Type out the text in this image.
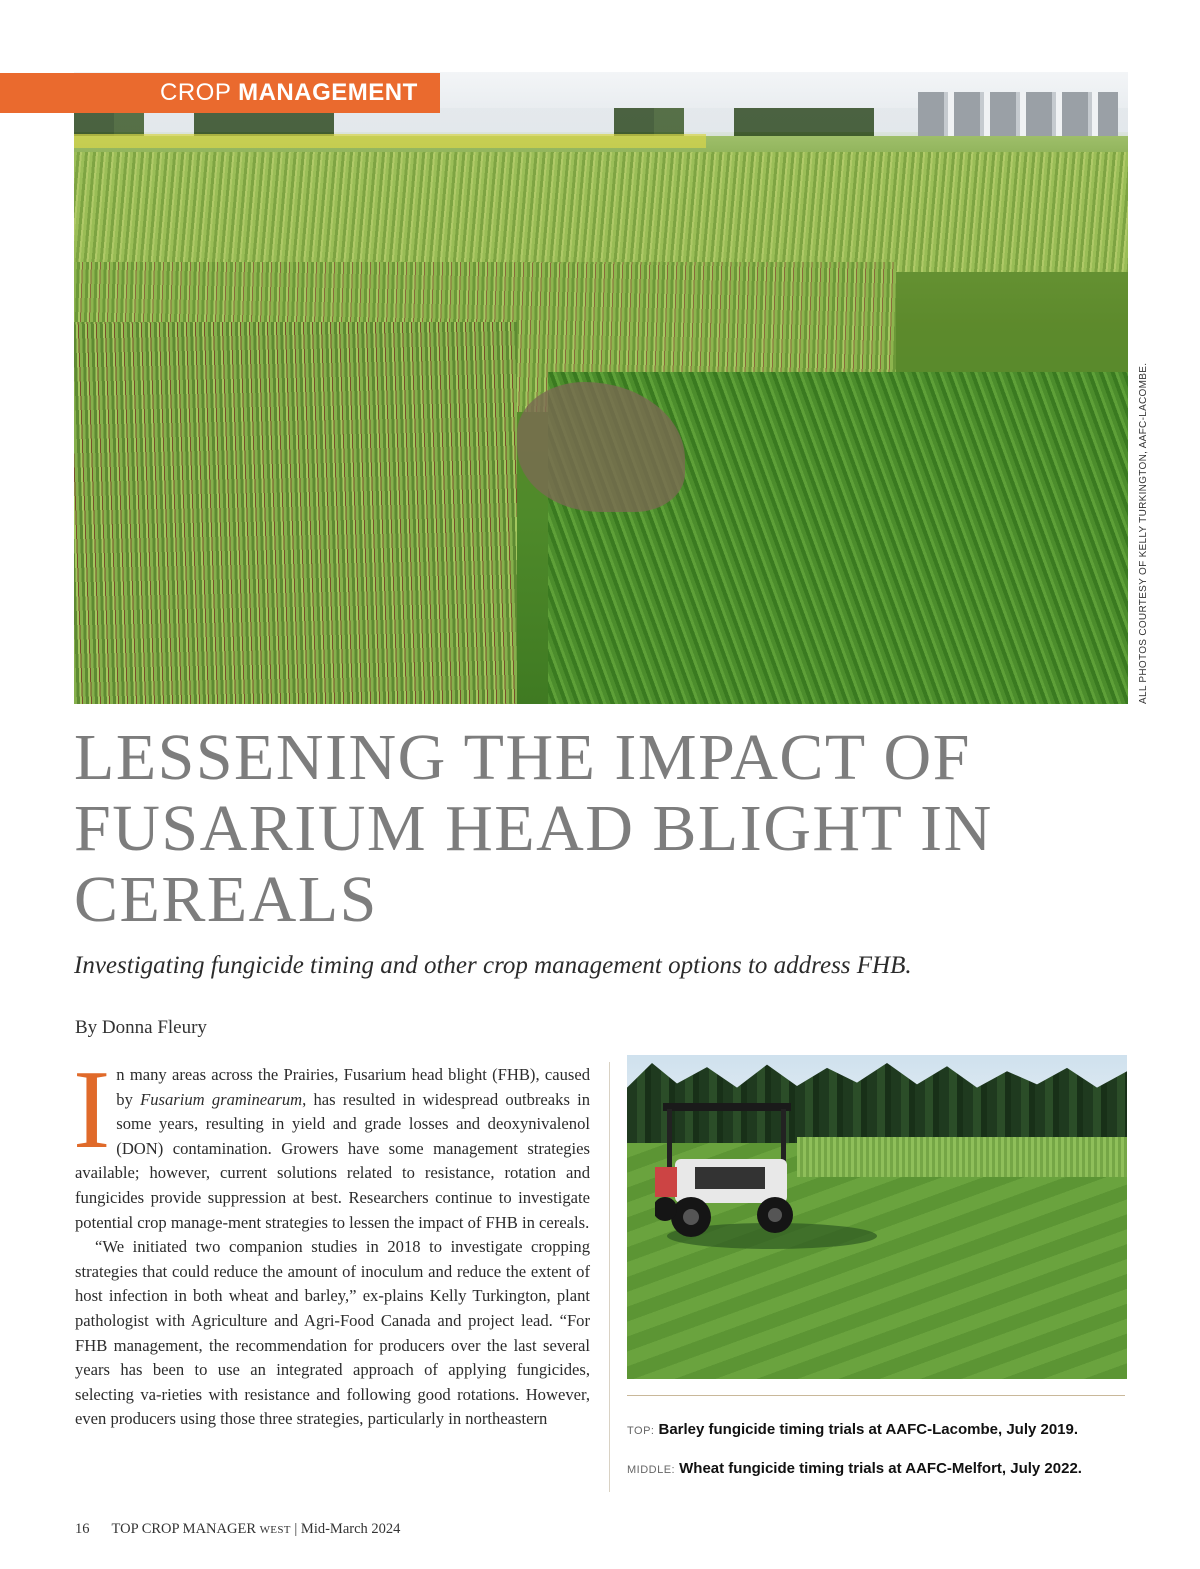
ALL PHOTOS COURTESY OF KELLY TURKINGTON, AAFC-LACOMBE.
CROP MANAGEMENT
LESSENING THE IMPACT OF FUSARIUM HEAD BLIGHT IN CEREALS

Investigating fungicide timing and other crop management options to address FHB.

By Donna Fleury

In many areas across the Prairies, Fusarium head blight (FHB), caused by Fusarium graminearum, has resulted in widespread outbreaks in some years, resulting in yield and grade losses and deoxynivalenol (DON) contamination. Growers have some management strategies available; however, current solutions related to resistance, rotation and fungicides provide suppression at best. Researchers continue to investigate potential crop manage-ment strategies to lessen the impact of FHB in cereals.

“We initiated two companion studies in 2018 to investigate cropping strategies that could reduce the amount of inoculum and reduce the extent of host infection in both wheat and barley,” ex-plains Kelly Turkington, plant pathologist with Agriculture and Agri-Food Canada and project lead. “For FHB management, the recommendation for producers over the last several years has been to use an integrated approach of applying fungicides, selecting va-rieties with resistance and following good rotations. However, even producers using those three strategies, particularly in northeastern

TOP: Barley fungicide timing trials at AAFC-Lacombe, July 2019.
MIDDLE: Wheat fungicide timing trials at AAFC-Melfort, July 2022.
16 TOP CROP MANAGER WEST | Mid-March 2024
